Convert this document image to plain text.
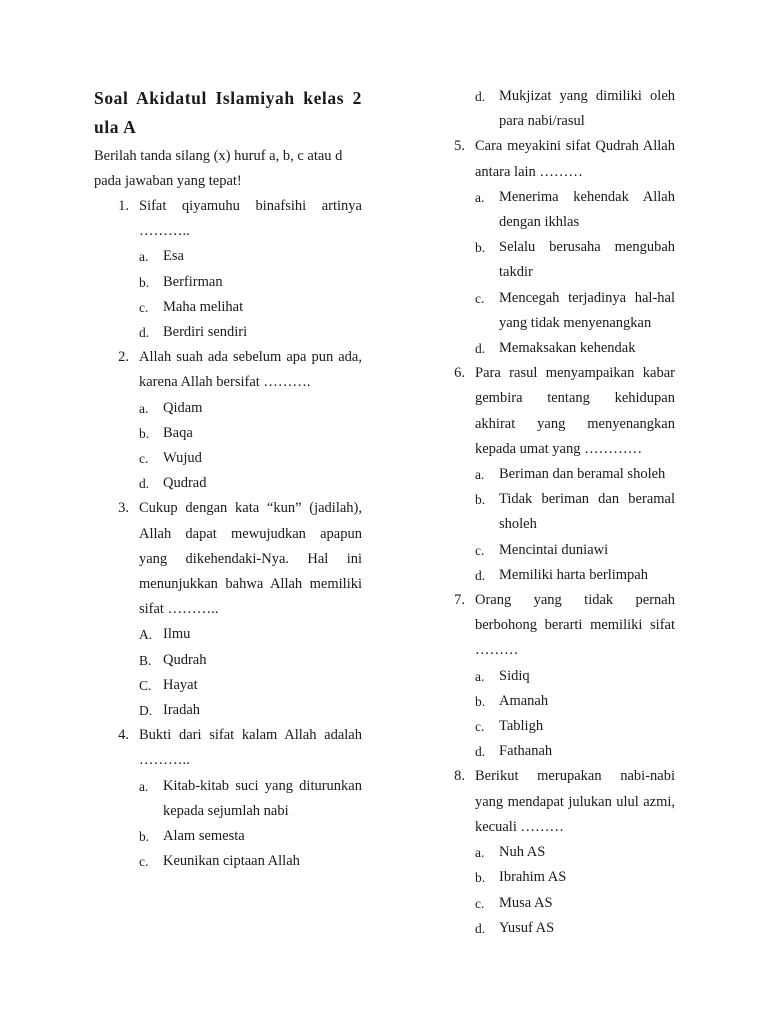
Soal Akidatul Islamiyah kelas 2 ula A
Berilah tanda silang (x) huruf a, b, c atau d pada jawaban yang tepat!
1. Sifat qiyamuhu binafsihi artinya ………..
a.	Esa
b. Berfirman
c.	Maha melihat
d. Berdiri sendiri
2. Allah suah ada sebelum apa pun ada, karena Allah bersifat ……….
a.	Qidam
b. Baqa
c.	Wujud
d. Qudrad
3. Cukup dengan kata “kun” (jadilah), Allah dapat mewujudkan apapun yang dikehendaki-Nya. Hal ini menunjukkan bahwa Allah memiliki sifat ………..
A. Ilmu
B. Qudrah
C. Hayat
D. Iradah
4. Bukti dari sifat kalam Allah adalah ………..
a.	Kitab-kitab suci yang diturunkan kepada sejumlah nabi
b. Alam semesta
c.	Keunikan ciptaan Allah
d. Mukjizat yang dimiliki oleh para nabi/rasul
5. Cara meyakini sifat Qudrah Allah antara lain ………
a.	Menerima kehendak Allah dengan ikhlas
b. Selalu berusaha mengubah takdir
c.	Mencegah terjadinya hal-hal yang tidak menyenangkan
d. Memaksakan kehendak
6. Para rasul menyampaikan kabar gembira tentang kehidupan akhirat yang menyenangkan kepada umat yang …………
a.	Beriman dan beramal sholeh
b. Tidak beriman dan beramal sholeh
c.	Mencintai duniawi
d. Memiliki harta berlimpah
7. Orang yang tidak pernah berbohong berarti memiliki sifat ………
a.	Sidiq
b. Amanah
c.	Tabligh
d. Fathanah
8. Berikut merupakan nabi-nabi yang mendapat julukan ulul azmi, kecuali ………
a.	Nuh AS
b. Ibrahim AS
c.	Musa AS
d. Yusuf AS
